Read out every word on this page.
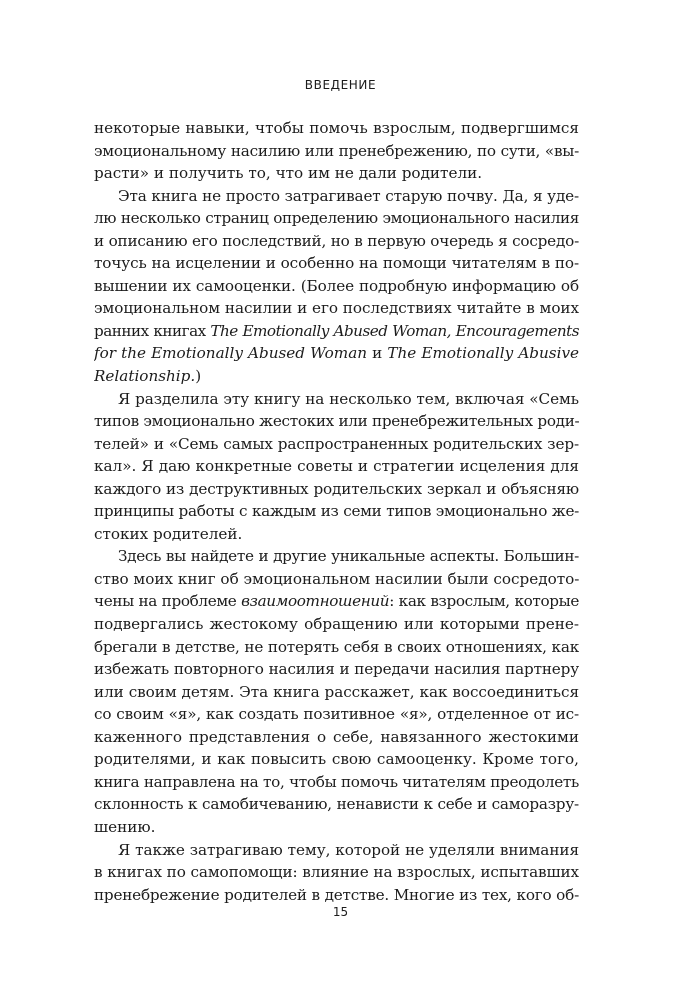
ВВЕДЕНИЕ
некоторые навыки, чтобы помочь взрослым, подвергшимся
эмоциональному насилию или пренебрежению, по сути, «вы-
расти» и получить то, что им не дали родители.
Эта книга не просто затрагивает старую почву. Да, я уде-
лю несколько страниц определению эмоционального насилия
и описанию его последствий, но в первую очередь я сосредо-
точусь на исцелении и особенно на помощи читателям в по-
вышении их самооценки. (Более подробную информацию об
эмоциональном насилии и его последствиях читайте в моих
ранних книгах The Emotionally Abused Woman, Encouragements
for the Emotionally Abused Woman и The Emotionally Abusive
Relationship.)
Я разделила эту книгу на несколько тем, включая «Семь
типов эмоционально жестоких или пренебрежительных роди-
телей» и «Семь самых распространенных родительских зер-
кал». Я даю конкретные советы и стратегии исцеления для
каждого из деструктивных родительских зеркал и объясняю
принципы работы с каждым из семи типов эмоционально же-
стоких родителей.
Здесь вы найдете и другие уникальные аспекты. Большин-
ство моих книг об эмоциональном насилии были сосредото-
чены на проблеме взаимоотношений: как взрослым, которые
подвергались жестокому обращению или которыми прене-
брегали в детстве, не потерять себя в своих отношениях, как
избежать повторного насилия и передачи насилия партнеру
или своим детям. Эта книга расскажет, как воссоединиться
со своим «я», как создать позитивное «я», отделенное от ис-
каженного представления о себе, навязанного жестокими
родителями, и как повысить свою самооценку. Кроме того,
книга направлена на то, чтобы помочь читателям преодолеть
склонность к самобичеванию, ненависти к себе и саморазру-
шению.
Я также затрагиваю тему, которой не уделяли внимания
в книгах по самопомощи: влияние на взрослых, испытавших
пренебрежение родителей в детстве. Многие из тех, кого об-
15
